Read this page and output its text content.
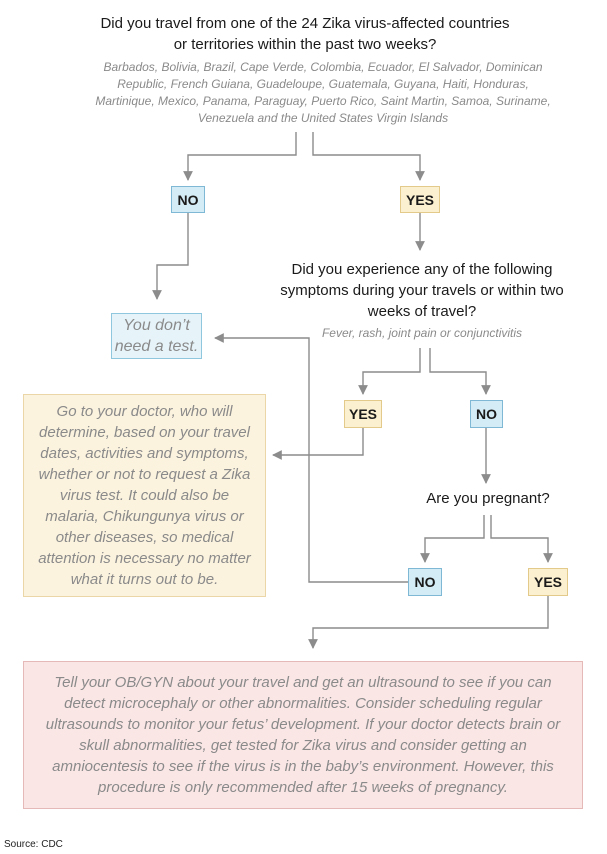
Did you travel from one of the 24 Zika virus-affected countries or territories within the past two weeks?
Barbados, Bolivia, Brazil, Cape Verde, Colombia, Ecuador, El Salvador, Dominican Republic, French Guiana, Guadeloupe, Guatemala, Guyana, Haiti, Honduras, Martinique, Mexico, Panama, Paraguay, Puerto Rico, Saint Martin, Samoa, Suriname, Venezuela and the United States Virgin Islands
NO	YES
You don’t need a test.
Did you experience any of the following symptoms during your travels or within two weeks of travel?
Fever, rash, joint pain or conjunctivitis
YES	NO
Go to your doctor, who will determine, based on your travel dates, activities and symptoms, whether or not to request a Zika virus test. It could also be malaria, Chikungunya virus or other diseases, so medical attention is necessary no matter what it turns out to be.
Are you pregnant?
NO	YES
Tell your OB/GYN about your travel and get an ultrasound to see if you can detect microcephaly or other abnormalities. Consider scheduling regular ultrasounds to monitor your fetus’ development. If your doctor detects brain or skull abnormalities, get tested for Zika virus and consider getting an amniocentesis to see if the virus is in the baby’s environment. However, this procedure is only recommended after 15 weeks of pregnancy.
Source: CDC
